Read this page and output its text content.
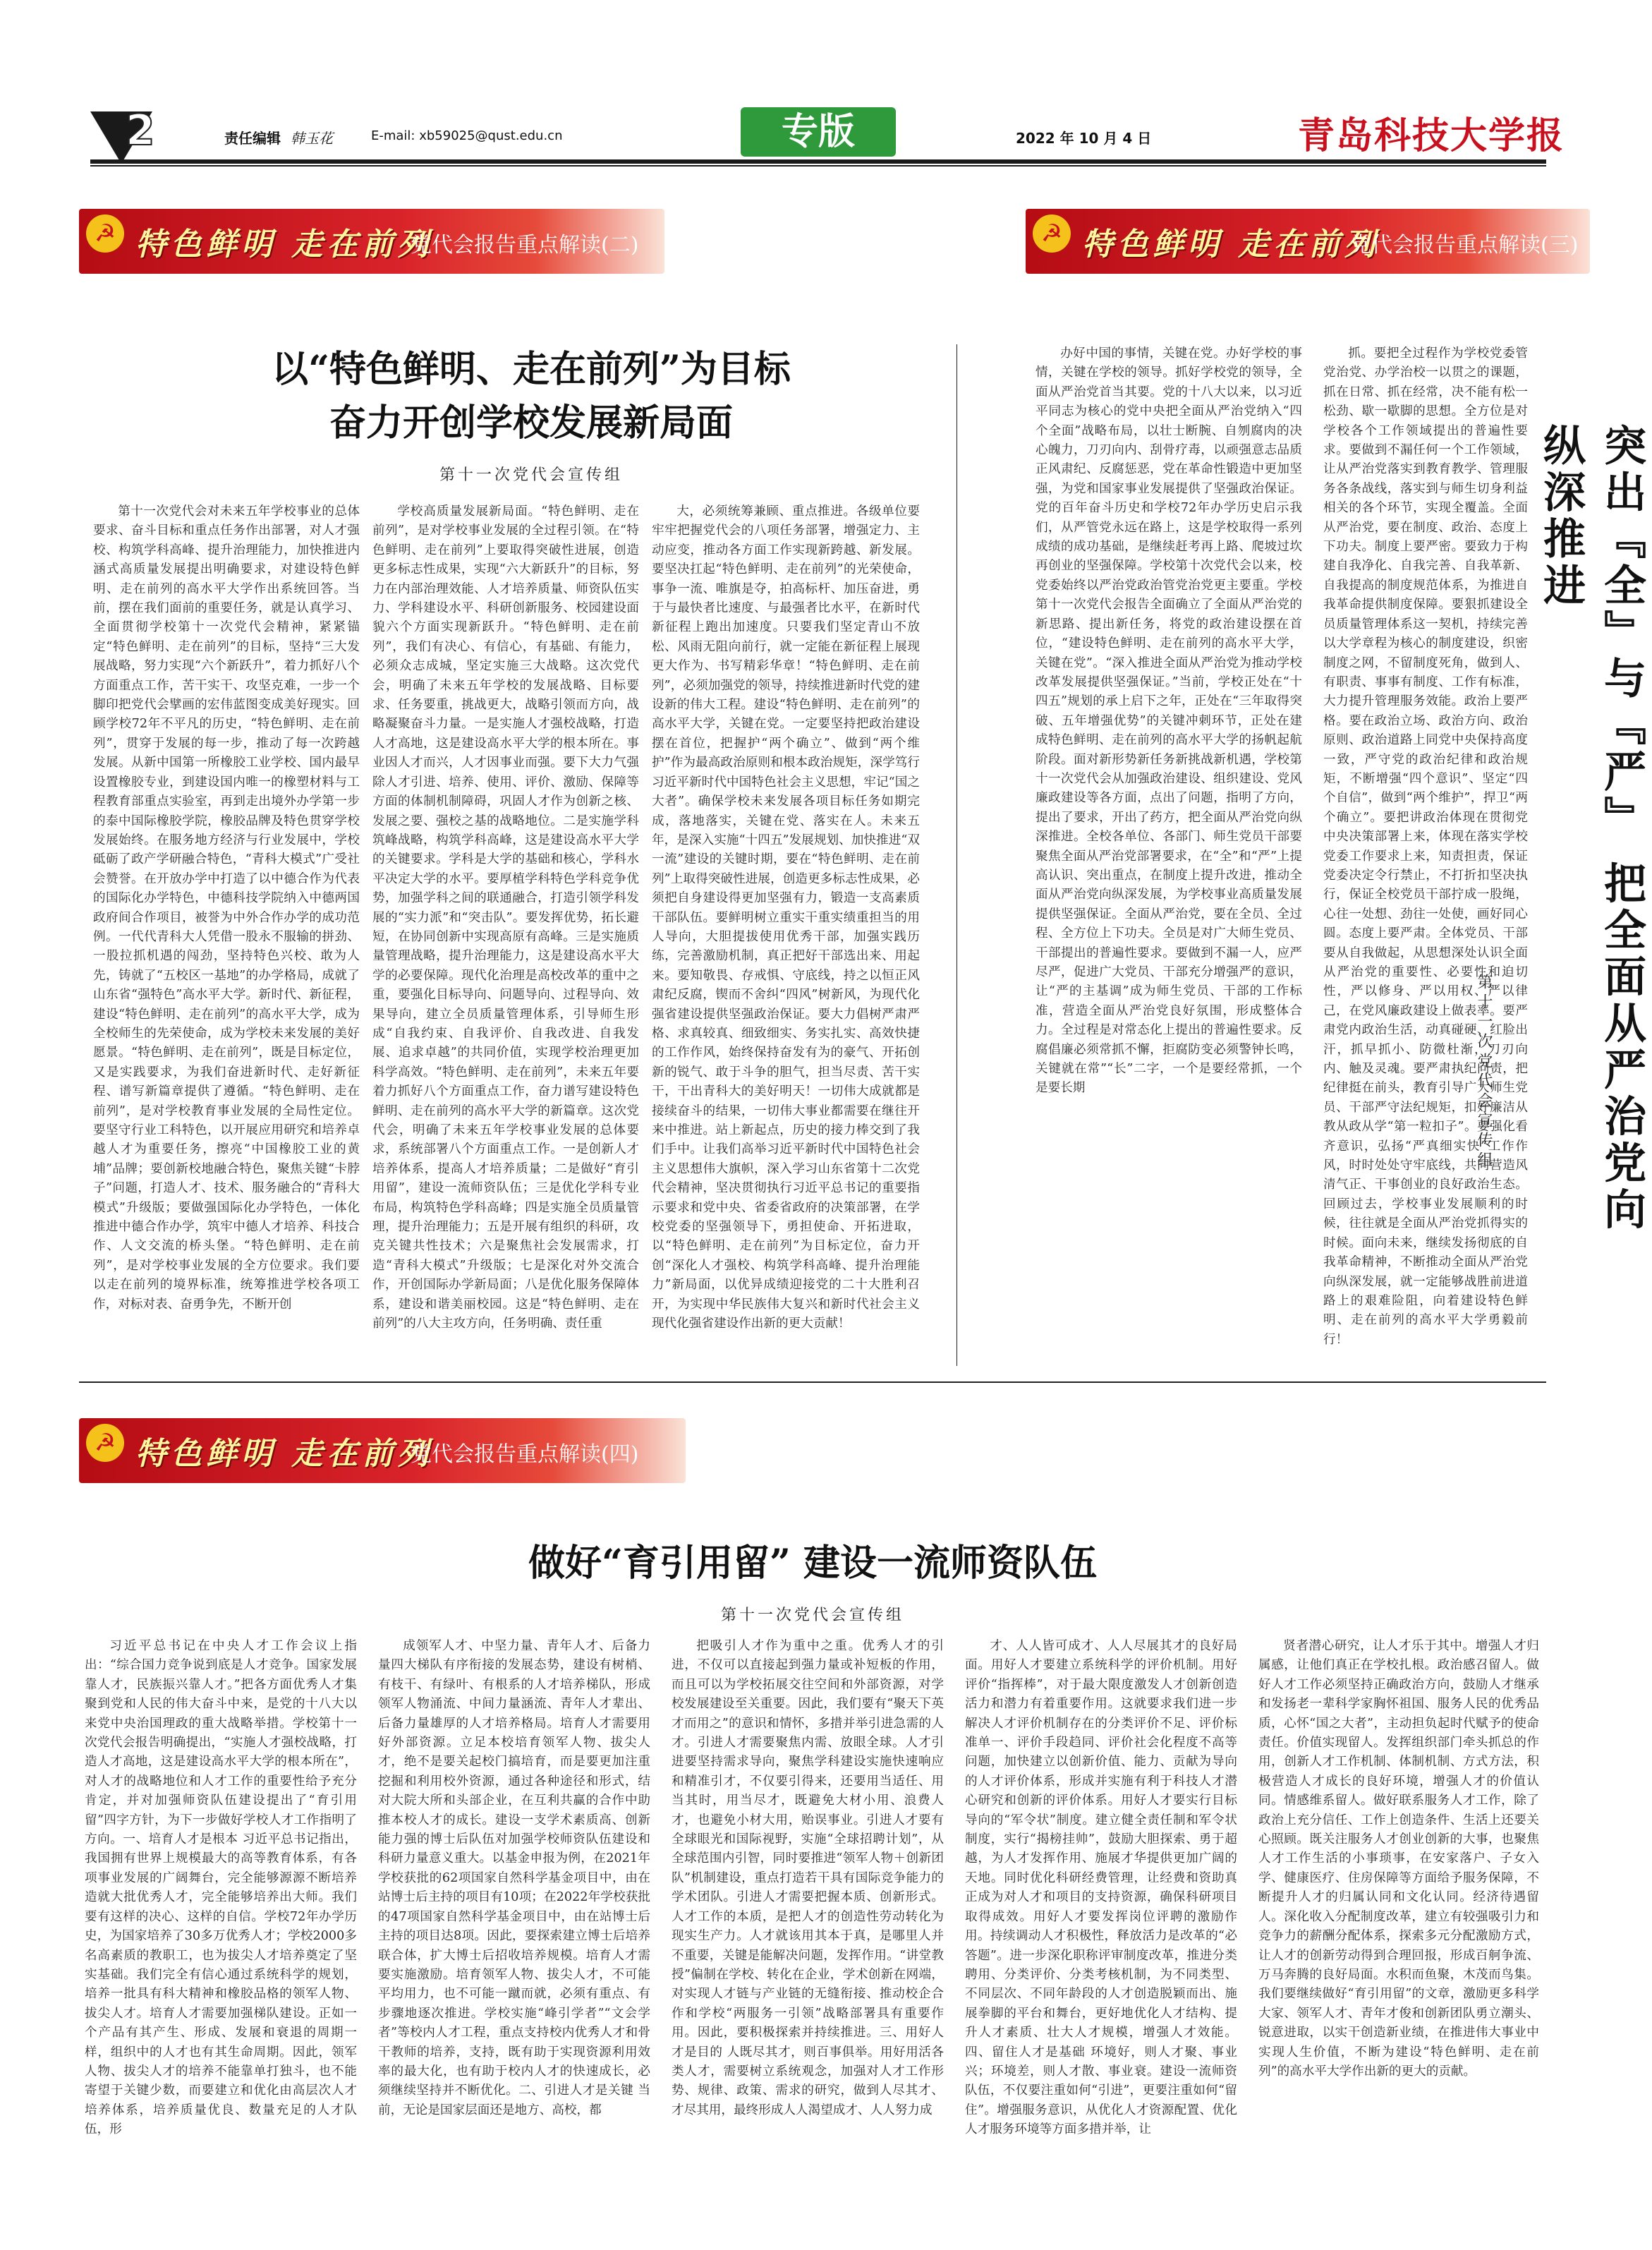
2	责任编辑 韩玉花	E-mail: xb59025@qust.edu.cn	专版	2022 年 10 月 4 日	青岛科技大学报
☭ 特色鲜明 走在前列
党代会报告重点解读(二)	☭ 特色鲜明 走在前列
党代会报告重点解读(三)
以“特色鲜明、走在前列”为目标
奋力开创学校发展新局面
第十一次党代会宣传组

第十一次党代会对未来五年学校事业的总体要求、奋斗目标和重点任务作出部署，对人才强校、构筑学科高峰、提升治理能力，加快推进内涵式高质量发展提出明确要求，对建设特色鲜明、走在前列的高水平大学作出系统回答。当前，摆在我们面前的重要任务，就是认真学习、全面贯彻学校第十一次党代会精神，紧紧锚定“特色鲜明、走在前列”的目标，坚持“三大发展战略，努力实现“六个新跃升”，着力抓好八个方面重点工作，苦干实干、攻坚克难，一步一个脚印把党代会擘画的宏伟蓝图变成美好现实。回顾学校72年不平凡的历史，“特色鲜明、走在前列”，贯穿于发展的每一步，推动了每一次跨越发展。从新中国第一所橡胶工业学校、国内最早设置橡胶专业，到建设国内唯一的橡塑材料与工程教育部重点实验室，再到走出境外办学第一步的泰中国际橡胶学院，橡胶品牌及特色贯穿学校发展始终。在服务地方经济与行业发展中，学校砥砺了政产学研融合特色，“青科大模式”广受社会赞誉。在开放办学中打造了以中德合作为代表的国际化办学特色，中德科技学院纳入中德两国政府间合作项目，被誉为中外合作办学的成功范例。一代代青科大人凭借一股永不服输的拼劲、一股拉抓机遇的闯劲，坚持特色兴校、敢为人先，铸就了“五校区一基地”的办学格局，成就了山东省“强特色”高水平大学。新时代、新征程，建设“特色鲜明、走在前列”的高水平大学，成为全校师生的先荣使命，成为学校未来发展的美好愿景。“特色鲜明、走在前列”，既是目标定位，又是实践要求，为我们奋进新时代、走好新征程、谱写新篇章提供了遵循。“特色鲜明、走在前列”，是对学校教育事业发展的全局性定位。要坚守行业工科特色，以开展应用研究和培养卓越人才为重要任务，擦亮“中国橡胶工业的黄埔”品牌；要创新校地融合特色，聚焦关键“卡脖子”问题，打造人才、技术、服务融合的“青科大模式”升级版；要做强国际化办学特色，一体化推进中德合作办学，筑牢中德人才培养、科技合作、人文交流的桥头堡。“特色鲜明、走在前列”，是对学校事业发展的全方位要求。我们要以走在前列的境界标准，统筹推进学校各项工作，对标对表、奋勇争先，不断开创

学校高质量发展新局面。“特色鲜明、走在前列”，是对学校事业发展的全过程引领。在“特色鲜明、走在前列”上要取得突破性进展，创造更多标志性成果，实现“六大新跃升”的目标，努力在内部治理效能、人才培养质量、师资队伍实力、学科建设水平、科研创新服务、校园建设面貌六个方面实现新跃升。“特色鲜明、走在前列”，我们有决心、有信心，有基础、有能力，必须众志成城，坚定实施三大战略。这次党代会，明确了未来五年学校的发展战略、目标要求、任务要重，挑战更大，战略引领而方向，战略凝聚奋斗力量。一是实施人才强校战略，打造人才高地，这是建设高水平大学的根本所在。事业因人才而兴，人才因事业而强。要下大力气强除人才引进、培养、使用、评价、激励、保障等方面的体制机制障碍，巩固人才作为创新之核、发展之要、强校之基的战略地位。二是实施学科筑峰战略，构筑学科高峰，这是建设高水平大学的关键要求。学科是大学的基础和核心，学科水平决定大学的水平。要厚植学科特色学科竞争优势，加强学科之间的联通融合，打造引领学科发展的“实力派”和“突击队”。要发挥优势，拓长避短，在协同创新中实现高原有高峰。三是实施质量管理战略，提升治理能力，这是建设高水平大学的必要保障。现代化治理是高校改革的重中之重，要强化目标导向、问题导向、过程导向、效果导向，建立全员质量管理体系，引导师生形成“自我约束、自我评价、自我改进、自我发展、追求卓越”的共同价值，实现学校治理更加科学高效。“特色鲜明、走在前列”，未来五年要着力抓好八个方面重点工作，奋力谱写建设特色鲜明、走在前列的高水平大学的新篇章。这次党代会，明确了未来五年学校事业发展的总体要求，系统部署八个方面重点工作。一是创新人才培养体系，提高人才培养质量；二是做好“育引用留”，建设一流师资队伍；三是优化学科专业布局，构筑特色学科高峰；四是实施全员质量管理，提升治理能力；五是开展有组织的科研，攻克关键共性技术；六是聚焦社会发展需求，打造“青科大模式”升级版；七是深化对外交流合作，开创国际办学新局面；八是优化服务保障体系，建设和谐美丽校园。这是“特色鲜明、走在前列”的八大主攻方向，任务明确、责任重

大，必须统筹兼顾、重点推进。各级单位要牢牢把握党代会的八项任务部署，增强定力、主动应变，推动各方面工作实现新跨越、新发展。要坚决扛起“特色鲜明、走在前列”的光荣使命，事争一流、唯旗是夺，拍高标杆、加压奋进，勇于与最快者比速度、与最强者比水平，在新时代新征程上跑出加速度。只要我们坚定青山不放松、风雨无阻向前行，就一定能在新征程上展现更大作为、书写精彩华章！“特色鲜明、走在前列”，必须加强党的领导，持续推进新时代党的建设新的伟大工程。建设“特色鲜明、走在前列”的高水平大学，关键在党。一定要坚持把政治建设摆在首位，把握护“两个确立”、做到“两个维护”作为最高政治原则和根本政治规矩，深学笃行习近平新时代中国特色社会主义思想，牢记“国之大者”。确保学校未来发展各项目标任务如期完成，落地落实，关键在党、落实在人。未来五年，是深入实施“十四五”发展规划、加快推进“双一流”建设的关键时期，要在“特色鲜明、走在前列”上取得突破性进展，创造更多标志性成果，必须把自身建设得更加坚强有力，锻造一支高素质干部队伍。要鲜明树立重实干重实绩重担当的用人导向，大胆提拔使用优秀干部，加强实践历练，完善激励机制，真正把好干部选出来、用起来。要知敬畏、存戒惧、守底线，持之以恒正风肃纪反腐，锲而不舍纠“四风”树新风，为现代化强省建设提供坚强政治保证。要大力倡树严肃严格、求真较真、细致细实、务实扎实、高效快捷的工作作风，始终保持奋发有为的豪气、开拓创新的锐气、敢于斗争的胆气，担当尽责、苦干实干，干出青科大的美好明天！一切伟大成就都是接续奋斗的结果，一切伟大事业都需要在继往开来中推进。站上新起点，历史的接力棒交到了我们手中。让我们高举习近平新时代中国特色社会主义思想伟大旗帜，深入学习山东省第十二次党代会精神，坚决贯彻执行习近平总书记的重要指示要求和党中央、省委省政府的决策部署，在学校党委的坚强领导下，勇担使命、开拓进取，以“特色鲜明、走在前列”为目标定位，奋力开创“深化人才强校、构筑学科高峰、提升治理能力”新局面，以优异成绩迎接党的二十大胜利召开，为实现中华民族伟大复兴和新时代社会主义现代化强省建设作出新的更大贡献！

办好中国的事情，关键在党。办好学校的事情，关键在学校的领导。抓好学校党的领导，全面从严治党首当其要。党的十八大以来，以习近平同志为核心的党中央把全面从严治党纳入“四个全面”战略布局，以壮士断腕、自刎腐肉的决心魄力，刀刃向内、刮骨疗毒，以顽强意志品质正风肃纪、反腐惩恶，党在革命性锻造中更加坚强，为党和国家事业发展提供了坚强政治保证。党的百年奋斗历史和学校72年办学历史启示我们，从严管党永远在路上，这是学校取得一系列成绩的成功基础，是继续赶考再上路、爬坡过坎再创业的坚强保障。学校第十次党代会以来，校党委始终以严治党政治管党治党更主要重。学校第十一次党代会报告全面确立了全面从严治党的新思路、提出新任务，将党的政治建设摆在首位，“建设特色鲜明、走在前列的高水平大学，关键在党”。“深入推进全面从严治党为推动学校改革发展提供坚强保证。”当前，学校正处在“十四五”规划的承上启下之年，正处在“三年取得突破、五年增强优势”的关键冲刺环节，正处在建成特色鲜明、走在前列的高水平大学的扬帆起航阶段。面对新形势新任务新挑战新机遇，学校第十一次党代会从加强政治建设、组织建设、党风廉政建设等各方面，点出了问题，指明了方向，提出了要求，开出了药方，把全面从严治党向纵深推进。全校各单位、各部门、师生党员干部要聚焦全面从严治党部署要求，在“全”和“严”上提高认识、突出重点，在制度上提升改进，推动全面从严治党向纵深发展，为学校事业高质量发展提供坚强保证。全面从严治党，要在全员、全过程、全方位上下功夫。全员是对广大师生党员、干部提出的普遍性要求。要做到不漏一人，应严尽严，促进广大党员、干部充分增强严的意识，让“严的主基调”成为师生党员、干部的工作标准，营造全面从严治党良好氛围，形成整体合力。全过程是对常态化上提出的普遍性要求。反腐倡廉必须常抓不懈，拒腐防变必须警钟长鸣，关键就在常”“长”二字，一个是要经常抓，一个是要长期

抓。要把全过程作为学校党委管党治党、办学治校一以贯之的课题，抓在日常、抓在经常，决不能有松一松劲、歇一歇脚的思想。全方位是对学校各个工作领域提出的普遍性要求。要做到不漏任何一个工作领域，让从严治党落实到教育教学、管理服务各条战线，落实到与师生切身利益相关的各个环节，实现全覆盖。全面从严治党，要在制度、政治、态度上下功夫。制度上要严密。要致力于构建自我净化、自我完善、自我革新、自我提高的制度规范体系，为推进自我革命提供制度保障。要狠抓建设全员质量管理体系这一契机，持续完善以大学章程为核心的制度建设，织密制度之网，不留制度死角，做到人、有职责、事事有制度、工作有标准，大力提升管理服务效能。政治上要严格。要在政治立场、政治方向、政治原则、政治道路上同党中央保持高度一致，严守党的政治纪律和政治规矩，不断增强“四个意识”、坚定“四个自信”，做到“两个维护”，捍卫“两个确立”。要把讲政治体现在贯彻党中央决策部署上来，体现在落实学校党委工作要求上来，知责担责，保证党委决定令行禁止，不打折扣坚决执行，保证全校党员干部拧成一股绳，心往一处想、劲往一处使，画好同心圆。态度上要严肃。全体党员、干部要从自我做起，从思想深处认识全面从严治党的重要性、必要性和迫切性，严以修身、严以用权、严以律己，在党风廉政建设上做表率。要严肃党内政治生活，动真碰硬、红脸出汗，抓早抓小、防微杜渐，刀刃向内、触及灵魂。要严肃执纪问责，把纪律挺在前头，教育引导广大师生党员、干部严守法纪规矩，扣好廉洁从教从政从学“第一粒扣子”。要强化看齐意识，弘扬“严真细实快”工作作风，时时处处守牢底线，共同营造风清气正、干事创业的良好政治生态。回顾过去，学校事业发展顺利的时候，往往就是全面从严治党抓得实的时候。面向未来，继续发扬彻底的自我革命精神，不断推动全面从严治党向纵深发展，就一定能够战胜前进道路上的艰难险阻，向着建设特色鲜明、走在前列的高水平大学勇毅前行！

突出『全』与『严』 把全面从严治党向纵深推进
第十一次党代会宣传组
☭ 特色鲜明 走在前列
党代会报告重点解读(四)
做好“育引用留” 建设一流师资队伍
第十一次党代会宣传组

习近平总书记在中央人才工作会议上指出：“综合国力竞争说到底是人才竞争。国家发展靠人才，民族振兴靠人才。”把各方面优秀人才集聚到党和人民的伟大奋斗中来，是党的十八大以来党中央治国理政的重大战略举措。学校第十一次党代会报告明确提出，“实施人才强校战略，打造人才高地，这是建设高水平大学的根本所在”，对人才的战略地位和人才工作的重要性给予充分肯定，并对加强师资队伍建设提出了“育引用留”四字方针，为下一步做好学校人才工作指明了方向。一、培育人才是根本 习近平总书记指出，我国拥有世界上规模最大的高等教育体系，有各项事业发展的广阔舞台，完全能够源源不断培养造就大批优秀人才，完全能够培养出大师。我们要有这样的决心、这样的自信。学校72年办学历史，为国家培养了30多万优秀人才；学校2000多名高素质的教职工，也为拔尖人才培养奠定了坚实基础。我们完全有信心通过系统科学的规划，培养一批具有科大精神和橡胶品格的领军人物、拔尖人才。培育人才需要加强梯队建设。正如一个产品有其产生、形成、发展和衰退的周期一样，组织中的人才也有其生命周期。因此，领军人物、拔尖人才的培养不能靠单打独斗，也不能寄望于关键少数，而要建立和优化由高层次人才培养体系，培养质量优良、数量充足的人才队伍，形

成领军人才、中坚力量、青年人才、后备力量四大梯队有序衔接的发展态势，建设有树梢、有枝干、有绿叶、有根系的人才培养梯队，形成领军人物涌流、中间力量涵流、青年人才辈出、后备力量雄厚的人才培养格局。培育人才需要用好外部资源。立足本校培育领军人物、拔尖人才，绝不是要关起校门搞培育，而是要更加注重挖掘和利用校外资源，通过各种途径和形式，结对大院大所和头部企业，在互利共赢的合作中助推本校人才的成长。建设一支学术素质高、创新能力强的博士后队伍对加强学校师资队伍建设和科研力量意义重大。以基金申报为例，在2021年学校获批的62项国家自然科学基金项目中，由在站博士后主持的项目有10项；在2022年学校获批的47项国家自然科学基金项目中，由在站博士后主持的项目达8项。因此，要探索建立博士后培养联合体，扩大博士后招收培养规模。培育人才需要实施激励。培育领军人物、拔尖人才，不可能平均用力，也不可能一蹴而就，必须有重点、有步骤地逐次推进。学校实施“峰引学者”“文会学者”等校内人才工程，重点支持校内优秀人才和骨干教师的培养，支持，既有助于实现资源利用效率的最大化，也有助于校内人才的快速成长，必须继续坚持并不断优化。二、引进人才是关键 当前，无论是国家层面还是地方、高校，都

把吸引人才作为重中之重。优秀人才的引进，不仅可以直接起到强力量或补短板的作用，而且可以为学校拓展交往空间和外部资源，对学校发展建设至关重要。因此，我们要有“聚天下英才而用之”的意识和情怀，多措并举引进急需的人才。引进人才需要聚焦内需、放眼全球。人才引进要坚持需求导向，聚焦学科建设实施快速响应和精准引才，不仅要引得来，还要用当适任、用当其时，用当尽才，既避免大材小用、浪费人才，也避免小材大用，贻误事业。引进人才要有全球眼光和国际视野，实施“全球招聘计划”，从全球范围内引智，同时要推进“领军人物＋创新团队”机制建设，重点打造若干具有国际竞争能力的学术团队。引进人才需要把握本质、创新形式。人才工作的本质，是把人才的创造性劳动转化为现实生产力。人才就该用其本于真，是哪里人并不重要，关键是能解决问题，发挥作用。“讲堂教授”偏制在学校、转化在企业，学术创新在网端，对实现人才链与产业链的无缝衔接、推动校企合作和学校“两服务一引领”战略部署具有重要作用。因此，要积极探索并持续推进。三、用好人才是目的 人既尽其才，则百事俱举。用好用活各类人才，需要树立系统观念，加强对人才工作形势、规律、政策、需求的研究，做到人尽其才、才尽其用，最终形成人人渴望成才、人人努力成

才、人人皆可成才、人人尽展其才的良好局面。用好人才要建立系统科学的评价机制。用好评价“指挥棒”，对于最大限度激发人才创新创造活力和潜力有着重要作用。这就要求我们进一步解决人才评价机制存在的分类评价不足、评价标准单一、评价手段趋同、评价社会化程度不高等问题，加快建立以创新价值、能力、贡献为导向的人才评价体系，形成并实施有利于科技人才潜心研究和创新的评价体系。用好人才要实行目标导向的“军令状”制度。建立健全责任制和军令状制度，实行“揭榜挂帅”，鼓励大胆探索、勇于超越，为人才发挥作用、施展才华提供更加广阔的天地。同时优化科研经费管理，让经费和资助真正成为对人才和项目的支持资源，确保科研项目取得成效。用好人才要发挥岗位评聘的激励作用。持续调动人才积极性，释放活力是改革的“必答题”。进一步深化职称评审制度改革，推进分类聘用、分类评价、分类考核机制，为不同类型、不同层次、不同年龄段的人才创造脱颖而出、施展拳脚的平台和舞台，更好地优化人才结构、提升人才素质、壮大人才规模，增强人才效能。四、留住人才是基础 环境好，则人才聚、事业兴；环境差，则人才散、事业衰。建设一流师资队伍，不仅要注重如何“引进”，更要注重如何“留住”。增强服务意识，从优化人才资源配置、优化人才服务环境等方面多措并举，让

贤者潜心研究，让人才乐于其中。增强人才归属感，让他们真正在学校扎根。政治感召留人。做好人才工作必须坚持正确政治方向，鼓励人才继承和发扬老一辈科学家胸怀祖国、服务人民的优秀品质，心怀“国之大者”，主动担负起时代赋予的使命责任。价值实现留人。发挥组织部门牵头抓总的作用，创新人才工作机制、体制机制、方式方法，积极营造人才成长的良好环境，增强人才的价值认同。情感维系留人。做好联系服务人才工作，除了政治上充分信任、工作上创造条件、生活上还要关心照顾。既关注服务人才创业创新的大事，也聚焦人才工作生活的小事琐事，在安家落户、子女入学、健康医疗、住房保障等方面给予服务保障，不断提升人才的归属认同和文化认同。经济待遇留人。深化收入分配制度改革，建立有较强吸引力和竞争力的薪酬分配体系，探索多元分配激励方式，让人才的创新劳动得到合理回报，形成百舸争流、万马奔腾的良好局面。水积而鱼聚，木茂而鸟集。我们要继续做好“育引用留”的文章，激励更多科学大家、领军人才、青年才俊和创新团队勇立潮头、锐意进取，以实干创造新业绩，在推进伟大事业中实现人生价值，不断为建设“特色鲜明、走在前列”的高水平大学作出新的更大的贡献。
